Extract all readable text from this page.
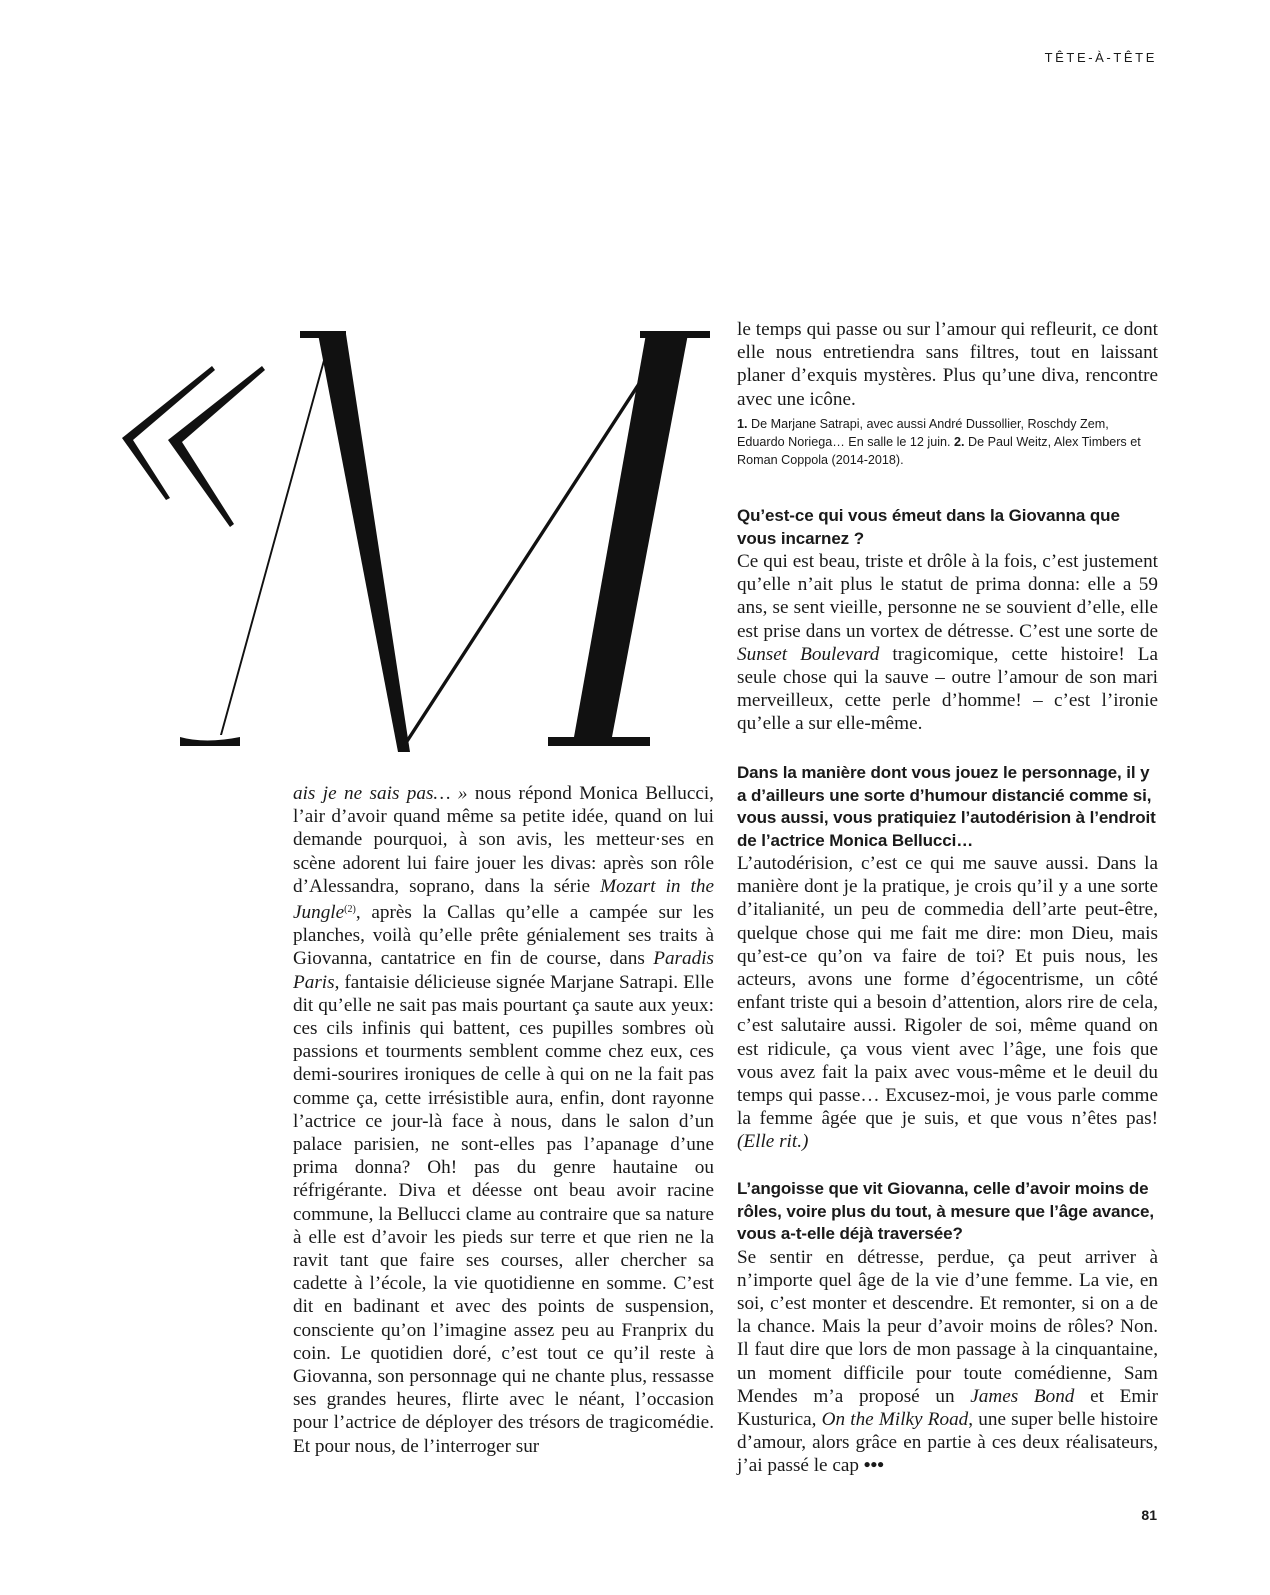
TÊTE-À-TÊTE

ais je ne sais pas… » nous répond Monica Bellucci, l’air d’avoir quand même sa petite idée, quand on lui demande pourquoi, à son avis, les metteur·ses en scène adorent lui faire jouer les divas: après son rôle d’Alessandra, soprano, dans la série Mozart in the Jungle$^{(2)}$, après la Callas qu’elle a campée sur les planches, voilà qu’elle prête génialement ses traits à Giovanna, cantatrice en fin de course, dans Paradis Paris, fantaisie délicieuse signée Marjane Satrapi. Elle dit qu’elle ne sait pas mais pourtant ça saute aux yeux: ces cils infinis qui battent, ces pupilles sombres où passions et tourments semblent comme chez eux, ces demi-sourires ironiques de celle à qui on ne la fait pas comme ça, cette irrésistible aura, enfin, dont rayonne l’actrice ce jour-là face à nous, dans le salon d’un palace parisien, ne sont-elles pas l’apanage d’une prima donna? Oh! pas du genre hautaine ou réfrigérante. Diva et déesse ont beau avoir racine commune, la Bellucci clame au contraire que sa nature à elle est d’avoir les pieds sur terre et que rien ne la ravit tant que faire ses courses, aller chercher sa cadette à l’école, la vie quotidienne en somme. C’est dit en badinant et avec des points de suspension, consciente qu’on l’imagine assez peu au Franprix du coin. Le quotidien doré, c’est tout ce qu’il reste à Giovanna, son personnage qui ne chante plus, ressasse ses grandes heures, flirte avec le néant, l’occasion pour l’actrice de déployer des trésors de tragicomédie. Et pour nous, de l’interroger sur

le temps qui passe ou sur l’amour qui refleurit, ce dont elle nous entretiendra sans filtres, tout en laissant planer d’exquis mystères. Plus qu’une diva, rencontre avec une icône.

1. De Marjane Satrapi, avec aussi André Dussollier, Roschdy Zem, Eduardo Noriega… En salle le 12 juin. 2. De Paul Weitz, Alex Timbers et Roman Coppola (2014-2018).

Qu’est-ce qui vous émeut dans la Giovanna que vous incarnez ?

Ce qui est beau, triste et drôle à la fois, c’est justement qu’elle n’ait plus le statut de prima donna: elle a 59 ans, se sent vieille, personne ne se souvient d’elle, elle est prise dans un vortex de détresse. C’est une sorte de Sunset Boulevard tragicomique, cette histoire! La seule chose qui la sauve – outre l’amour de son mari merveilleux, cette perle d’homme! – c’est l’ironie qu’elle a sur elle-même.

Dans la manière dont vous jouez le personnage, il y a d’ailleurs une sorte d’humour distancié comme si, vous aussi, vous pratiquiez l’autodérision à l’endroit de l’actrice Monica Bellucci…

L’autodérision, c’est ce qui me sauve aussi. Dans la manière dont je la pratique, je crois qu’il y a une sorte d’italianité, un peu de commedia dell’arte peut-être, quelque chose qui me fait me dire: mon Dieu, mais qu’est-ce qu’on va faire de toi? Et puis nous, les acteurs, avons une forme d’égocentrisme, un côté enfant triste qui a besoin d’attention, alors rire de cela, c’est salutaire aussi. Rigoler de soi, même quand on est ridicule, ça vous vient avec l’âge, une fois que vous avez fait la paix avec vous-même et le deuil du temps qui passe… Excusez-moi, je vous parle comme la femme âgée que je suis, et que vous n’êtes pas! (Elle rit.)

L’angoisse que vit Giovanna, celle d’avoir moins de rôles, voire plus du tout, à mesure que l’âge avance, vous a-t-elle déjà traversée?

Se sentir en détresse, perdue, ça peut arriver à n’importe quel âge de la vie d’une femme. La vie, en soi, c’est monter et descendre. Et remonter, si on a de la chance. Mais la peur d’avoir moins de rôles? Non. Il faut dire que lors de mon passage à la cinquantaine, un moment difficile pour toute comédienne, Sam Mendes m’a proposé un James Bond et Emir Kusturica, On the Milky Road, une super belle histoire d’amour, alors grâce en partie à ces deux réalisateurs, j’ai passé le cap •••

81
